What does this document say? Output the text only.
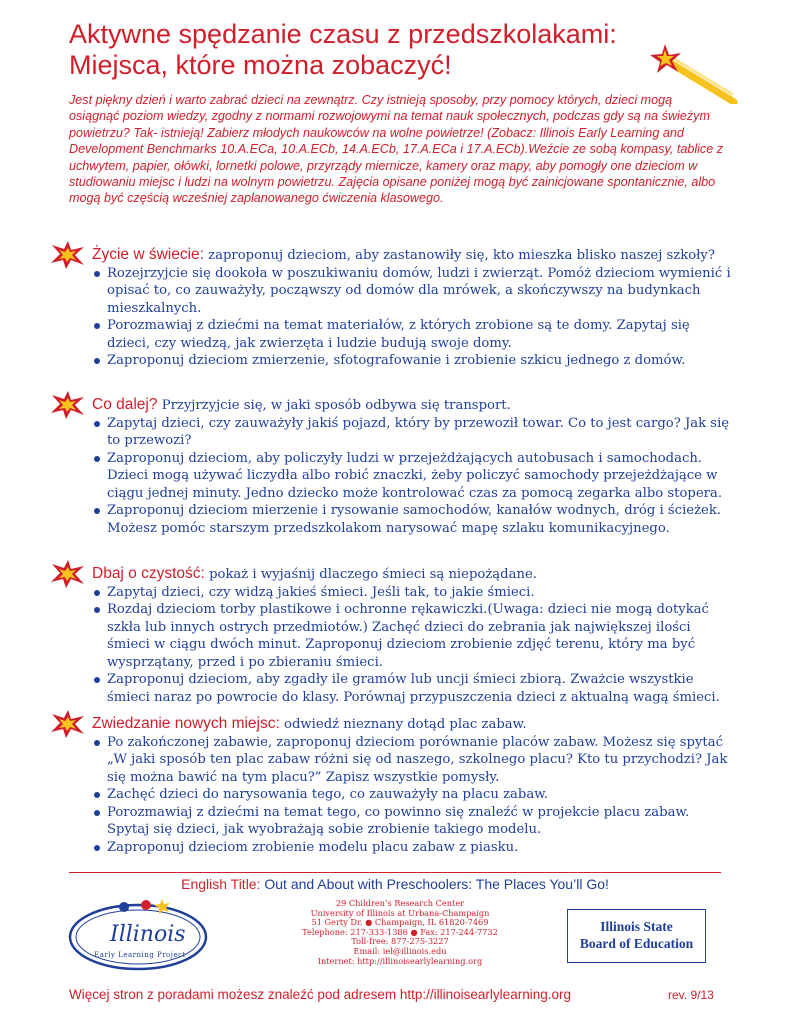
Aktywne spędzanie czasu z przedszkolakami:
Miejsca, które można zobaczyć!

Jest piękny dzień i warto zabrać dzieci na zewnątrz. Czy istnieją sposoby, przy pomocy których, dzieci mogą osiągnąć poziom wiedzy, zgodny z normami rozwojowymi na temat nauk społecznych, podczas gdy są na świeżym powietrzu? Tak- istnieją! Zabierz młodych naukowców na wolne powietrze! (Zobacz: Illinois Early Learning and Development Benchmarks 10.A.ECa, 10.A.ECb, 14.A.ECb, 17.A.ECa i 17.A.ECb).Weźcie ze sobą kompasy, tablice z uchwytem, papier, ołówki, lornetki polowe, przyrządy miernicze, kamery oraz mapy, aby pomogły one dzieciom w studiowaniu miejsc i ludzi na wolnym powietrzu. Zajęcia opisane poniżej mogą być zainicjowane spontanicznie, albo mogą być częścią wcześniej zaplanowanego ćwiczenia klasowego.

Życie w świecie: zaproponuj dzieciom, aby zastanowiły się, kto mieszka blisko naszej szkoły?

Rozejrzyjcie się dookoła w poszukiwaniu domów, ludzi i zwierząt. Pomóż dzieciom wymienić i opisać to, co zauważyły, począwszy od domów dla mrówek, a skończywszy na budynkach mieszkalnych.
Porozmawiaj z dziećmi na temat materiałów, z których zrobione są te domy. Zapytaj się dzieci, czy wiedzą, jak zwierzęta i ludzie budują swoje domy.
Zaproponuj dzieciom zmierzenie, sfotografowanie i zrobienie szkicu jednego z domów.

Co dalej? Przyjrzyjcie się, w jaki sposób odbywa się transport.

Zapytaj dzieci, czy zauważyły jakiś pojazd, który by przewoził towar. Co to jest cargo? Jak się to przewozi?
Zaproponuj dzieciom, aby policzyły ludzi w przejeżdżających autobusach i samochodach. Dzieci mogą używać liczydła albo robić znaczki, żeby policzyć samochody przejeżdżające w ciągu jednej minuty. Jedno dziecko może kontrolować czas za pomocą zegarka albo stopera.
Zaproponuj dzieciom mierzenie i rysowanie samochodów, kanałów wodnych, dróg i ścieżek. Możesz pomóc starszym przedszkolakom narysować mapę szlaku komunikacyjnego.

Dbaj o czystość: pokaż i wyjaśnij dlaczego śmieci są niepożądane.

Zapytaj dzieci, czy widzą jakieś śmieci. Jeśli tak, to jakie śmieci.
Rozdaj dzieciom torby plastikowe i ochronne rękawiczki.(Uwaga: dzieci nie mogą dotykać szkła lub innych ostrych przedmiotów.) Zachęć dzieci do zebrania jak największej ilości śmieci w ciągu dwóch minut. Zaproponuj dzieciom zrobienie zdjęć terenu, który ma być wysprzątany, przed i po zbieraniu śmieci.
Zaproponuj dzieciom, aby zgadły ile gramów lub uncji śmieci zbiorą. Zważcie wszystkie śmieci naraz po powrocie do klasy. Porównaj przypuszczenia dzieci z aktualną wagą śmieci.

Zwiedzanie nowych miejsc: odwiedź nieznany dotąd plac zabaw.

Po zakończonej zabawie, zaproponuj dzieciom porównanie placów zabaw. Możesz się spytać „W jaki sposób ten plac zabaw różni się od naszego, szkolnego placu? Kto tu przychodzi? Jak się można bawić na tym placu?” Zapisz wszystkie pomysły.
Zachęć dzieci do narysowania tego, co zauważyły na placu zabaw.
Porozmawiaj z dziećmi na temat tego, co powinno się znaleźć w projekcie placu zabaw. Spytaj się dzieci, jak wyobrażają sobie zrobienie takiego modelu.
Zaproponuj dzieciom zrobienie modelu placu zabaw z piasku.
English Title: Out and About with Preschoolers: The Places You’ll Go!
Illinois
Early Learning Project
29 Children’s Research Center
University of Illinois at Urbana-Champaign
51 Gerty Dr. ● Champaign, IL 61820-7469
Telephone: 217-333-1386 ● Fax: 217-244-7732
Toll-free: 877-275-3227
Email: iel@illinois.edu
Internet: http://illinoisearlylearning.org
Illinois State
Board of Education
Więcej stron z poradami możesz znaleźć pod adresem http://illinoisearlylearning.org	rev. 9/13
